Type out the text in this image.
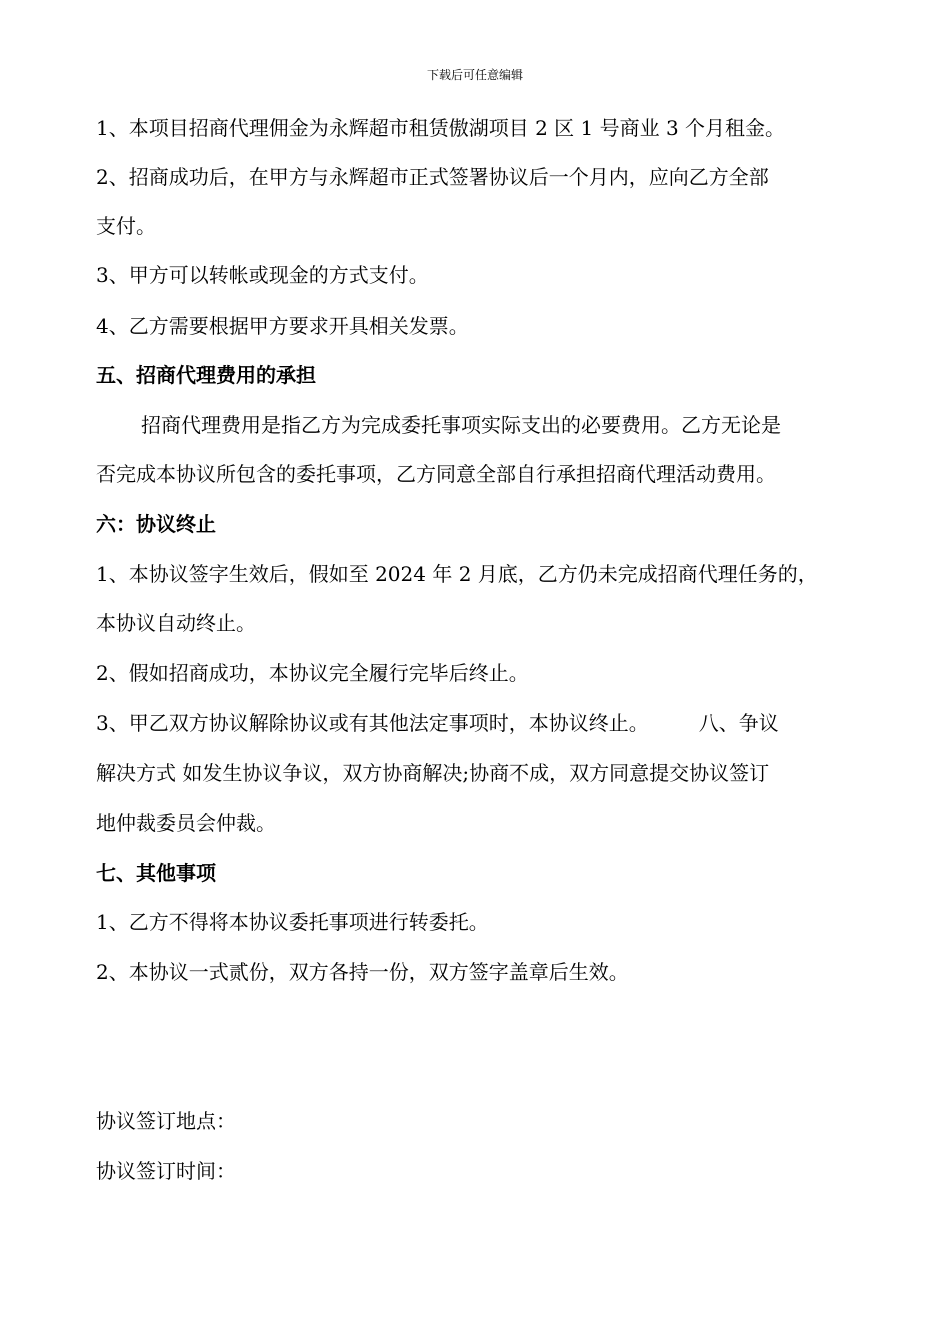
下载后可任意编辑
1、本项目招商代理佣金为永辉超市租赁傲湖项目 2 区 1 号商业 3 个月租金。
2、招商成功后，在甲方与永辉超市正式签署协议后一个月内，应向乙方全部
支付。
3、甲方可以转帐或现金的方式支付。
4、乙方需要根据甲方要求开具相关发票。
五、招商代理费用的承担
招商代理费用是指乙方为完成委托事项实际支出的必要费用。乙方无论是
否完成本协议所包含的委托事项，乙方同意全部自行承担招商代理活动费用。
六：协议终止
1、本协议签字生效后，假如至 2024 年 2 月底，乙方仍未完成招商代理任务的，
本协议自动终止。
2、假如招商成功，本协议完全履行完毕后终止。
3、甲乙双方协议解除协议或有其他法定事项时，本协议终止。　　　八、争议
解决方式 如发生协议争议，双方协商解决;协商不成，双方同意提交协议签订
地仲裁委员会仲裁。
七、其他事项
1、乙方不得将本协议委托事项进行转委托。
2、本协议一式贰份，双方各持一份，双方签字盖章后生效。
协议签订地点：
协议签订时间：
